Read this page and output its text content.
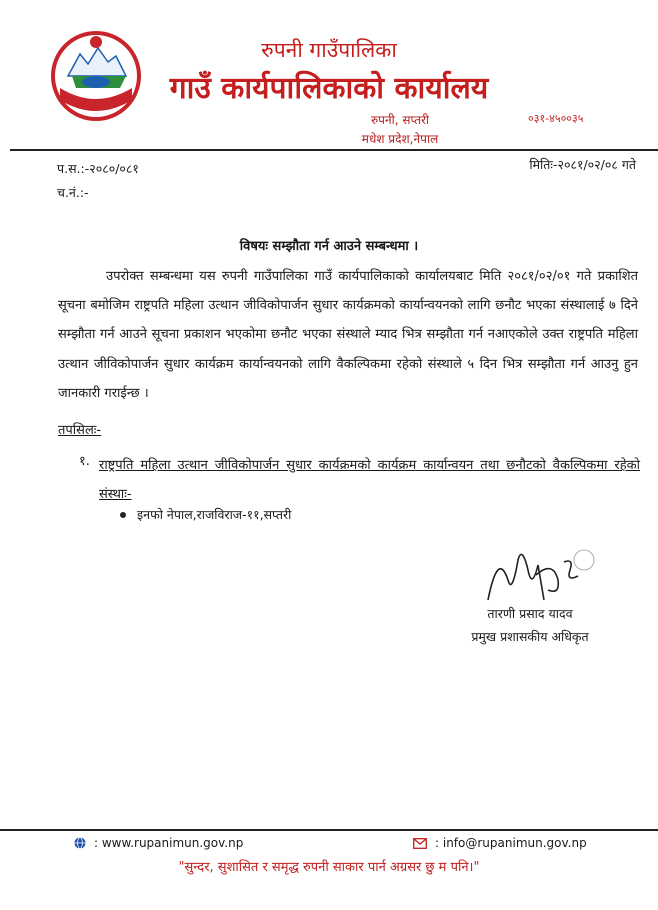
रुपनी गाउँपालिका
गाउँ कार्यपालिकाको कार्यालय
रुपनी, सप्तरी
मधेश प्रदेश,नेपाल
०३१-४५००३५
प.स.:-२०८०/०८१
च.नं.:-
मितिः-२०८१/०२/०८ गते
विषयः सम्झौता गर्न आउने सम्बन्धमा ।

उपरोक्त सम्बन्धमा यस रुपनी गाउँपालिका गाउँ कार्यपालिकाको कार्यालयबाट मिति २०८१/०२/०१ गते प्रकाशित सूचना बमोजिम राष्ट्रपति महिला उत्थान जीविकोपार्जन सुधार कार्यक्रमको कार्यान्वयनको लागि छनौट भएका संस्थालाई ७ दिने सम्झौता गर्न आउने सूचना प्रकाशन भएकोमा छनौट भएका संस्थाले म्याद भित्र सम्झौता गर्न नआएकोले उक्त राष्ट्रपति महिला उत्थान जीविकोपार्जन सुधार कार्यक्रम कार्यान्वयनको लागि वैकल्पिकमा रहेको संस्थाले ५ दिन भित्र सम्झौता गर्न आउनु हुन जानकारी गराईन्छ ।

तपसिलः-
१. राष्ट्रपति महिला उत्थान जीविकोपार्जन सुधार कार्यक्रमको कार्यक्रम कार्यान्वयन तथा छनौटको वैकल्पिकमा रहेको संस्थाः-

इनफो नेपाल,राजविराज-११,सप्तरी
तारणी प्रसाद यादव
प्रमुख प्रशासकीय अधिकृत
: www.rupanimun.gov.np	: info@rupanimun.gov.np
"सुन्दर, सुशासित र समृद्ध रुपनी साकार पार्न अग्रसर छु म पनि।"
